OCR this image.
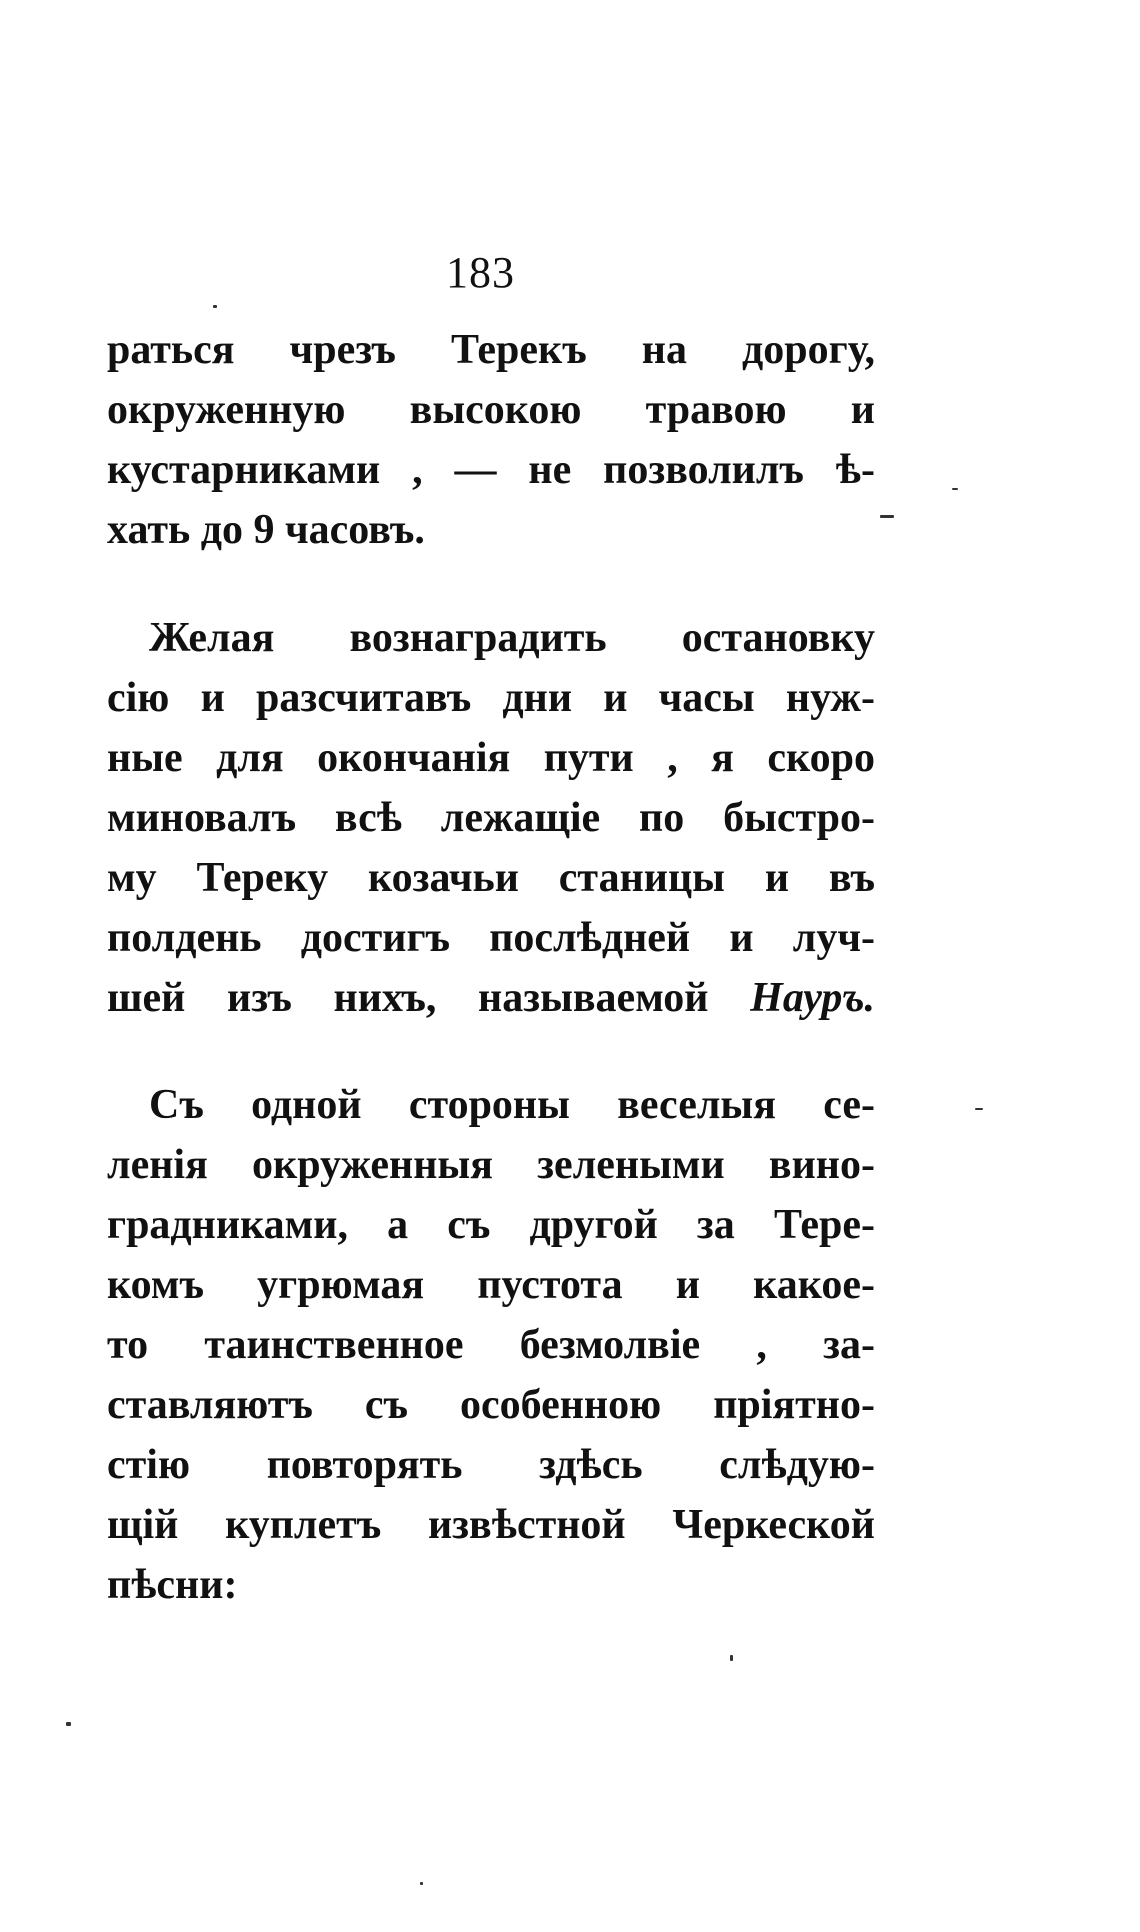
183
раться чрезъ Терекъ на дорогу,
окруженную высокою травою и
кустарниками , — не позволилъ ѣ-
хать до 9 часовъ.
Желая вознаградить остановку
сію и разсчитавъ дни и часы нуж-
ные для окончанія пути , я скоро
миновалъ всѣ лежащіе по быстро-
му Тереку козачьи станицы и въ
полдень достигъ послѣдней и луч-
шей изъ нихъ, называемой Науръ.
Съ одной стороны веселыя се-
ленія окруженныя зелеными вино-
градниками, а съ другой за Тере-
комъ угрюмая пустота и какое-
то таинственное безмолвіе , за-
ставляютъ съ особенною пріятно-
стію повторять здѣсь слѣдую-
щій куплетъ извѣстной Черкеской
пѣсни:
